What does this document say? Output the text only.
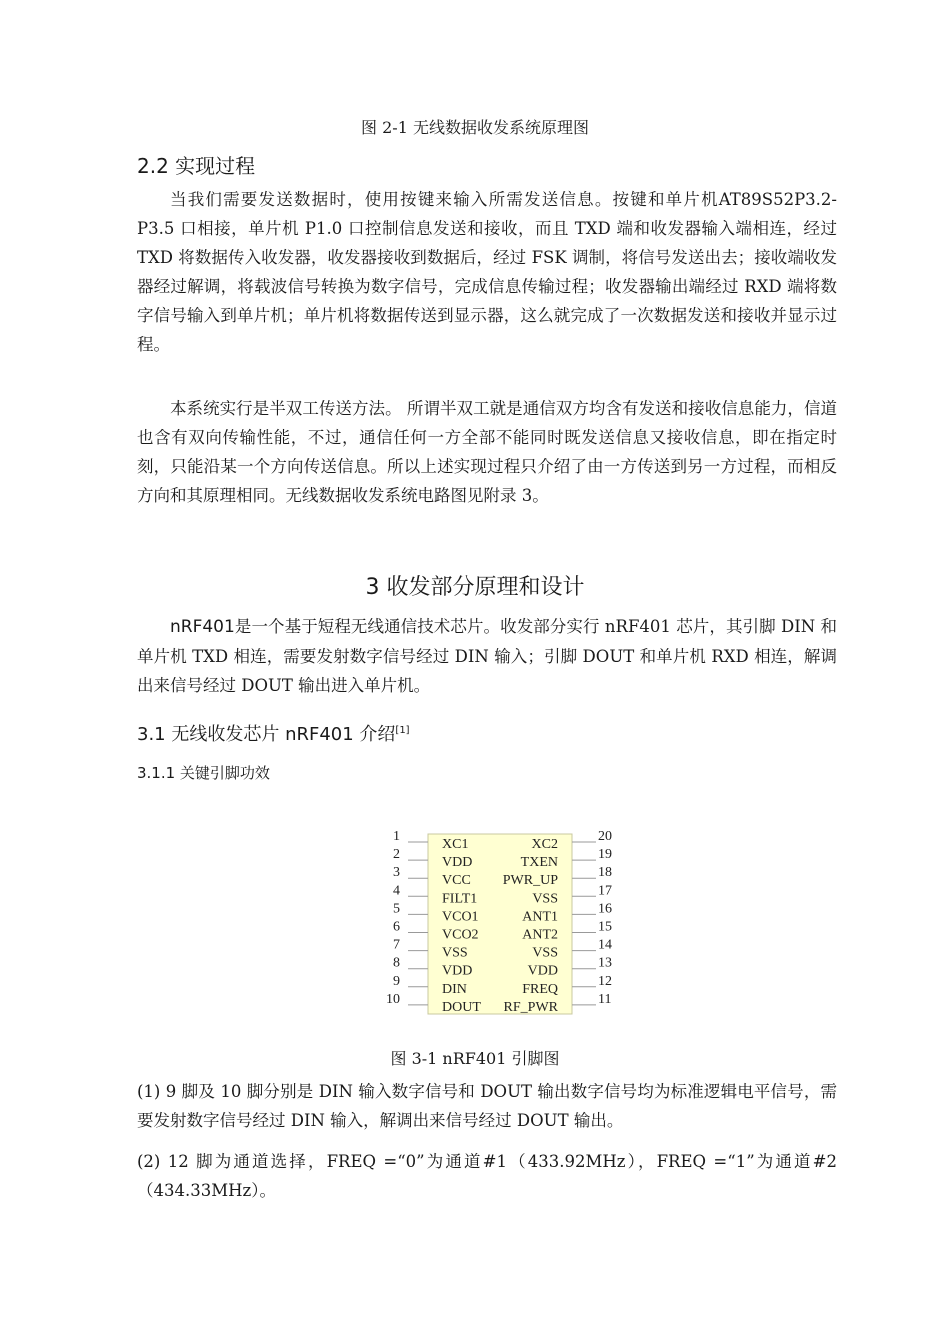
图 2-1 无线数据收发系统原理图
2.2 实现过程

当我们需要发送数据时，使用按键来输入所需发送信息。按键和单片机AT89S52P3.2-P3.5 口相接，单片机 P1.0 口控制信息发送和接收，而且 TXD 端和收发器输入端相连，经过 TXD 将数据传入收发器，收发器接收到数据后，经过 FSK 调制，将信号发送出去；接收端收发器经过解调，将载波信号转换为数字信号，完成信息传输过程；收发器输出端经过 RXD 端将数字信号输入到单片机；单片机将数据传送到显示器，这么就完成了一次数据发送和接收并显示过程。

本系统实行是半双工传送方法。 所谓半双工就是通信双方均含有发送和接收信息能力，信道也含有双向传输性能，不过，通信任何一方全部不能同时既发送信息又接收信息，即在指定时刻，只能沿某一个方向传送信息。所以上述实现过程只介绍了由一方传送到另一方过程，而相反方向和其原理相同。无线数据收发系统电路图见附录 3。

3 收发部分原理和设计

nRF401是一个基于短程无线通信技术芯片。收发部分实行 nRF401 芯片，其引脚 DIN 和单片机 TXD 相连，需要发射数字信号经过 DIN 输入；引脚 DOUT 和单片机 RXD 相连，解调出来信号经过 DOUT 输出进入单片机。

3.1 无线收发芯片 nRF401 介绍[1]
3.1.1 关键引脚功效
1
XC1
2
VDD
3
VCC
4
FILT1
5
VCO1
6
VCO2
7
VSS
8
VDD
9
DIN
10
DOUT
20
XC2
19
TXEN
18
PWR_UP
17
VSS
16
ANT1
15
ANT2
14
VSS
13
VDD
12
FREQ
11
RF_PWR
图 3-1 nRF401 引脚图

(1) 9 脚及 10 脚分别是 DIN 输入数字信号和 DOUT 输出数字信号均为标准逻辑电平信号，需要发射数字信号经过 DIN 输入，解调出来信号经过 DOUT 输出。

(2) 12 脚为通道选择，FREQ =“0”为通道#1（433.92MHz），FREQ =“1”为通道#2（434.33MHz）。
